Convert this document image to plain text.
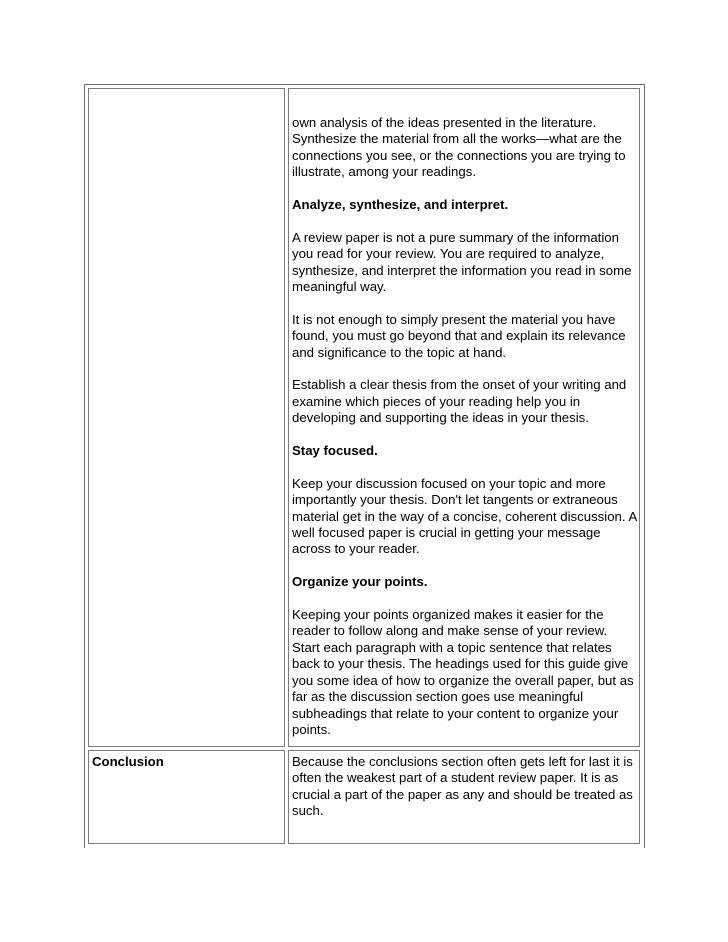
own analysis of the ideas presented in the literature. Synthesize the material from all the works—what are the connections you see, or the connections you are trying to illustrate, among your readings.

Analyze, synthesize, and interpret.

A review paper is not a pure summary of the information you read for your review. You are required to analyze, synthesize, and interpret the information you read in some meaningful way.

It is not enough to simply present the material you have found, you must go beyond that and explain its relevance and significance to the topic at hand.

Establish a clear thesis from the onset of your writing and examine which pieces of your reading help you in developing and supporting the ideas in your thesis.

Stay focused.

Keep your discussion focused on your topic and more importantly your thesis. Don't let tangents or extraneous material get in the way of a concise, coherent discussion. A well focused paper is crucial in getting your message across to your reader.

Organize your points.

Keeping your points organized makes it easier for the reader to follow along and make sense of your review. Start each paragraph with a topic sentence that relates back to your thesis. The headings used for this guide give you some idea of how to organize the overall paper, but as far as the discussion section goes use meaningful subheadings that relate to your content to organize your points.

Conclusion	Because the conclusions section often gets left for last it is often the weakest part of a student review paper. It is as crucial a part of the paper as any and should be treated as such.
